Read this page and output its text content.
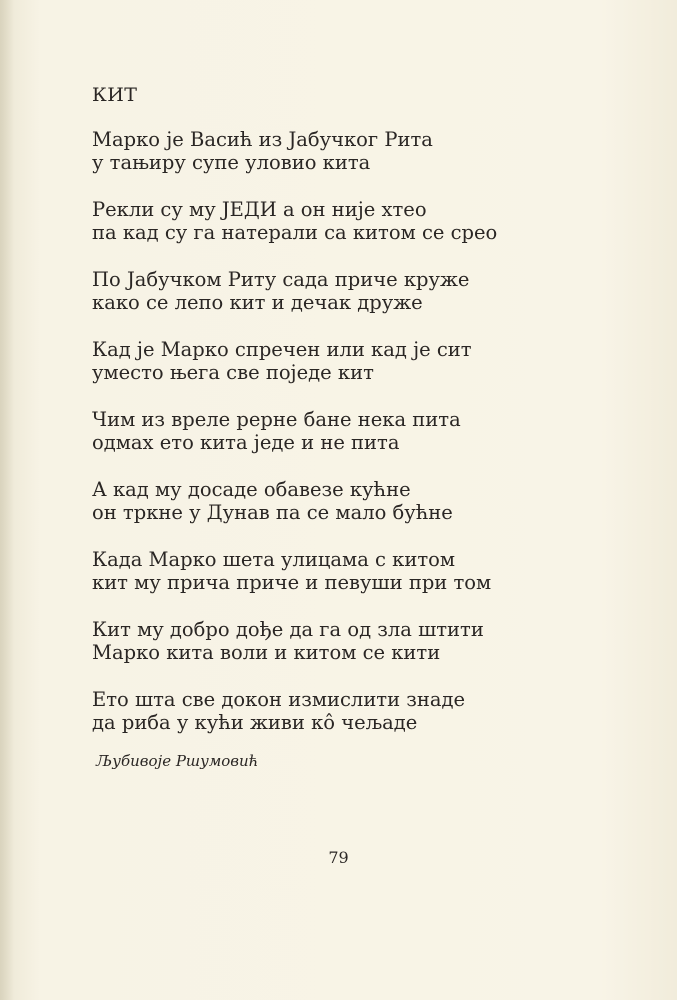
КИТ

Марко је Васић из Јабучког Рита
у тањиру супе уловио кита

Рекли су му ЈЕДИ а он није хтео
па кад су га натерали са китом се срео

По Јабучком Риту сада приче круже
како се лепо кит и дечак друже

Кад је Марко спречен или кад је сит
уместо њега све поједе кит

Чим из вреле рерне бане нека пита
одмах ето кита једе и не пита

А кад му досаде обавезе кућне
он тркне у Дунав па се мало бућне

Када Марко шета улицама с китом
кит му прича приче и певуши при том

Кит му добро дође да га од зла штити
Марко кита воли и китом се кити

Ето шта све докон измислити знаде
да риба у кући живи кô чељаде

Љубивоје Ршумовић
79
